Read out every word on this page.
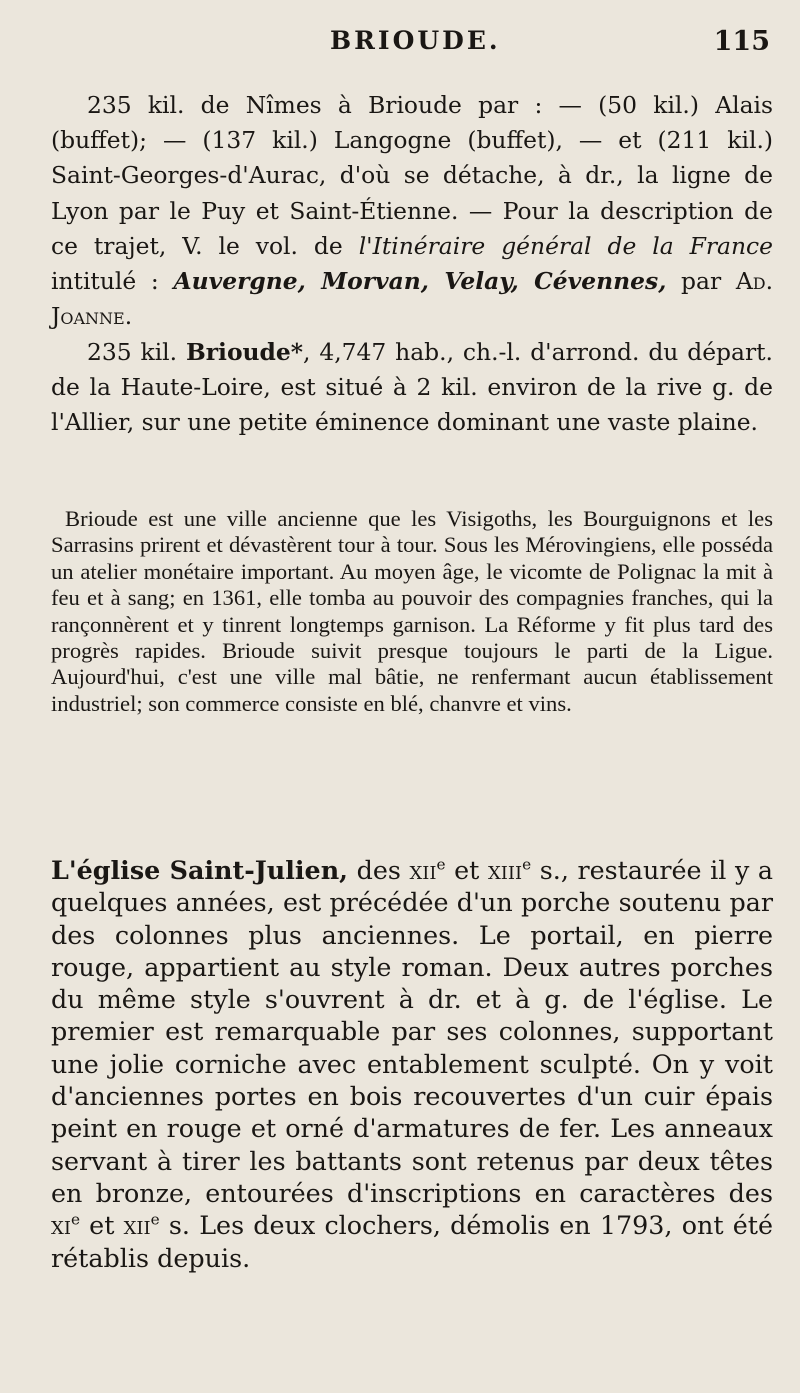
BRIOUDE.	115

235 kil. de Nîmes à Brioude par : — (50 kil.) Alais (buffet); — (137 kil.) Langogne (buffet), — et (211 kil.) Saint-Georges-d'Aurac, d'où se détache, à dr., la ligne de Lyon par le Puy et Saint-Étienne. — Pour la description de ce trajet, V. le vol. de l'Itinéraire général de la France intitulé : Auvergne, Morvan, Velay, Cévennes, par Ad. Joanne.

235 kil. Brioude*, 4,747 hab., ch.-l. d'arrond. du départ. de la Haute-Loire, est situé à 2 kil. environ de la rive g. de l'Allier, sur une petite éminence dominant une vaste plaine.

Brioude est une ville ancienne que les Visigoths, les Bourguignons et les Sarrasins prirent et dévastèrent tour à tour. Sous les Mérovingiens, elle posséda un atelier monétaire important. Au moyen âge, le vicomte de Polignac la mit à feu et à sang; en 1361, elle tomba au pouvoir des compagnies franches, qui la rançonnèrent et y tinrent longtemps garnison. La Réforme y fit plus tard des progrès rapides. Brioude suivit presque toujours le parti de la Ligue. Aujourd'hui, c'est une ville mal bâtie, ne renfermant aucun établissement industriel; son commerce consiste en blé, chanvre et vins.

L'église Saint-Julien, des xii$^e$ et xiii$^e$ s., restaurée il y a quelques années, est précédée d'un porche soutenu par des colonnes plus anciennes. Le portail, en pierre rouge, appartient au style roman. Deux autres porches du même style s'ouvrent à dr. et à g. de l'église. Le premier est remarquable par ses colonnes, supportant une jolie corniche avec entablement sculpté. On y voit d'anciennes portes en bois recouvertes d'un cuir épais peint en rouge et orné d'armatures de fer. Les anneaux servant à tirer les battants sont retenus par deux têtes en bronze, entourées d'inscriptions en caractères des $xi^e$ et xii$^e$ s. Les deux clochers, démolis en 1793, ont été rétablis depuis.
